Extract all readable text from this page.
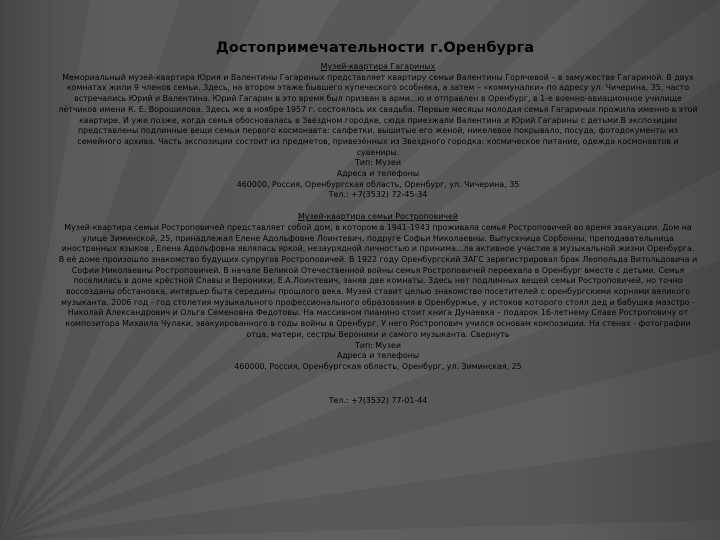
Достопримечательности г.Оренбурга

Музей-квартира Гагариных

Мемориальный музей-квартира Юрия и Валентины Гагариных представляет квартиру семьи Валентины Горячевой – в замужестве Гагариной. В двух комнатах жили 9 членов семьи. Здесь, на втором этаже бывшего купеческого особняка, а затем – «коммуналки» по адресу ул. Чичерина, 35, часто встречались Юрий и Валентина. Юрий Гагарин в это время был призван в арми...ю и отправлен в Оренбург, в 1-е военно-авиационное училище лётчиков имени К. Е. Ворошилова. Здесь же в ноябре 1957 г. состоялась их свадьба. Первые месяцы молодая семья Гагариных прожила именно в этой квартире. И уже позже, когда семья обосновалась в Звёздном городке, сюда приезжали Валентина и Юрий Гагарины с детьми.В экспозиции представлены подлинные вещи семьи первого космонавта: салфетки, вышитые его женой, никелевое покрывало, посуда, фотодокументы из семейного архива. Часть экспозиции состоит из предметов, привезённых из Звездного городка: космическое питание, одежда космонавтов и сувениры.

Тип: Музеи

Адреса и телефоны

460000, Россия, Оренбургская область, Оренбург, ул. Чичерина, 35

Тел.: +7(3532) 72-45-34

Музей-квартира семьи Ростроповичей

Музей-квартира семьи Ростроповичей представляет собой дом, в котором в 1941-1943 проживала семья Ростроповичей во время эвакуации. Дом на улице Зиминской, 25, принадлежал Елене Адольфовне Лоинтевич, подруге Софьи Николаевны. Выпускница Сорбонны, преподавательница иностранных языков , Елена Адольфовна являлась яркой, незаурядной личностью и принима...ла активное участие в музыкальной жизни Оренбурга. В её доме произошло знакомство будущих супругов Ростроповичей. В 1922 году Оренбургский ЗАГС зарегистрировал брак Леопольда Витольдовича и Софии Николаевны Ростроповичей. В начале Великой Отечественной войны семья Ростроповичей переехала в Оренбург вместе с детьми. Семья поселилась в доме крёстной Славы и Вероники, Е.А.Лоинтевич, заняв две комнаты. Здесь нет подлинных вещей семьи Ростроповичей, но точно воссозданы обстановка, интерьер быта середины прошлого века. Музей ставит целью знакомство посетителей с оренбургскими корнями великого музыканта. 2006 год - год столетия музыкального профессионального образования в Оренбуржье, у истоков которого стоял дед и бабушка маэстро - Николай Александрович и Ольга Семеновна Федотовы. На массивном пианино стоит книга Дунаевка – подарок 16-летнему Славе Ростроповичу от композитора Михаила Чулаки, эвакуированного в годы войны в Оренбург. У него Ростропович учился основам композиции. На стенах - фотографии отца, матери, сестры Вероники и самого музыканта. Свернуть

Тип: Музеи

Адреса и телефоны

460000, Россия, Оренбургская область, Оренбург, ул. Зиминская, 25

Тел.: +7(3532) 77-01-44
